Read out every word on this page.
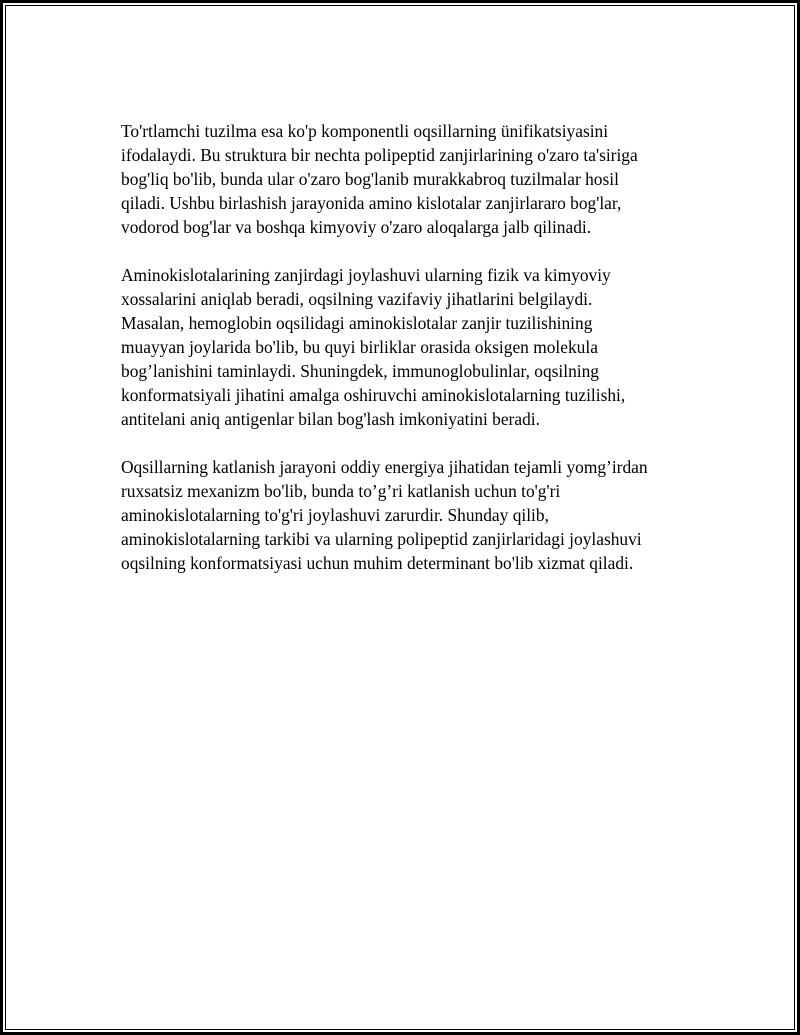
To'rtlamchi tuzilma esa ko'p komponentli oqsillarning ünifikatsiyasini
ifodalaydi. Bu struktura bir nechta polipeptid zanjirlarining o'zaro ta'siriga
bog'liq bo'lib, bunda ular o'zaro bog'lanib murakkabroq tuzilmalar hosil
qiladi. Ushbu birlashish jarayonida amino kislotalar zanjirlararo bog'lar,
vodorod bog'lar va boshqa kimyoviy o'zaro aloqalarga jalb qilinadi.

Aminokislotalarining zanjirdagi joylashuvi ularning fizik va kimyoviy
xossalarini aniqlab beradi, oqsilning vazifaviy jihatlarini belgilaydi.
Masalan, hemoglobin oqsilidagi aminokislotalar zanjir tuzilishining
muayyan joylarida bo'lib, bu quyi birliklar orasida oksigen molekula
bog’lanishini taminlaydi. Shuningdek, immunoglobulinlar, oqsilning
konformatsiyali jihatini amalga oshiruvchi aminokislotalarning tuzilishi,
antitelani aniq antigenlar bilan bog'lash imkoniyatini beradi.

Oqsillarning katlanish jarayoni oddiy energiya jihatidan tejamli yomg’irdan
ruxsatsiz mexanizm bo'lib, bunda to’g’ri katlanish uchun to'g'ri
aminokislotalarning to'g'ri joylashuvi zarurdir. Shunday qilib,
aminokislotalarning tarkibi va ularning polipeptid zanjirlaridagi joylashuvi
oqsilning konformatsiyasi uchun muhim determinant bo'lib xizmat qiladi.
